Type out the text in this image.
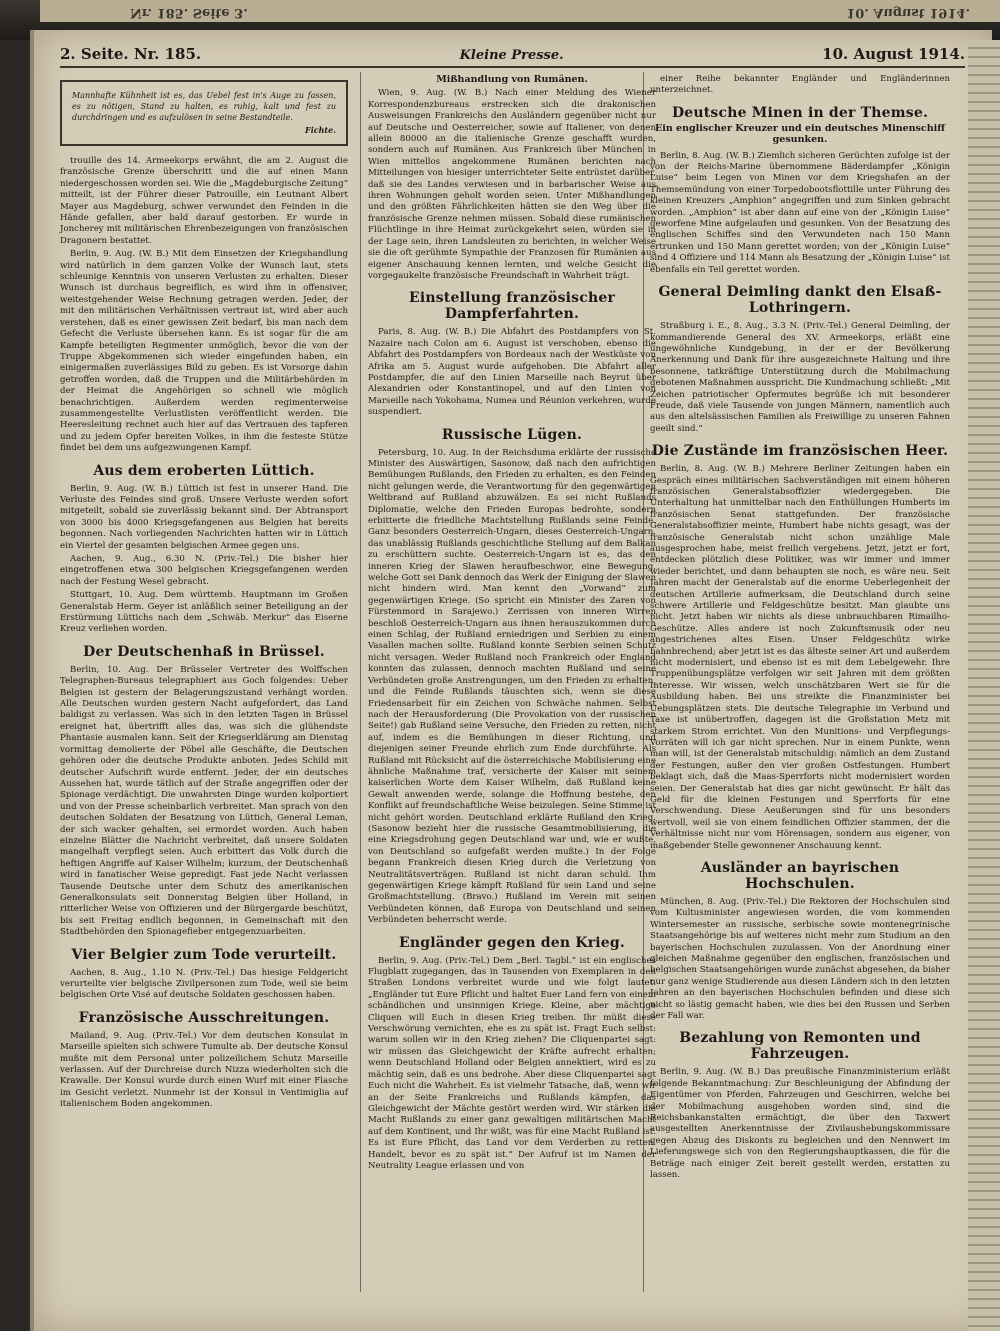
Nr. 185. Seite 3.	10. August 1914.
2. Seite. Nr. 185.	Kleine Presse.	10. August 1914.
Mannhafte Kühnheit ist es, das Uebel fest in's Auge zu fassen, es zu nötigen, Stand zu halten, es ruhig, kalt und fest zu durchdringen und es aufzulösen in seine Bestandteile.
Fichte.

trouille des 14. Armeekorps erwähnt, die am 2. August die französische Grenze überschritt und die auf einen Mann niedergeschossen worden sei. Wie die „Magdeburgische Zeitung“ mitteilt, ist der Führer dieser Patrouille, ein Leutnant Albert Mayer aus Magdeburg, schwer verwundet den Feinden in die Hände gefallen, aber bald darauf gestorben. Er wurde in Joncherey mit militärischen Ehrenbezeigungen von französischen Dragonern bestattet.

Berlin, 9. Aug. (W. B.) Mit dem Einsetzen der Kriegshandlung wird natürlich in dem ganzen Volke der Wunsch laut, stets schleunige Kenntnis von unseren Verlusten zu erhalten. Dieser Wunsch ist durchaus begreiflich, es wird ihm in offensiver, weitestgehender Weise Rechnung getragen werden. Jeder, der mit den militärischen Verhältnissen vertraut ist, wird aber auch verstehen, daß es einer gewissen Zeit bedarf, bis man nach dem Gefecht die Verluste übersehen kann. Es ist sogar für die am Kampfe beteiligten Regimenter unmöglich, bevor die von der Truppe Abgekommenen sich wieder eingefunden haben, ein einigermaßen zuverlässiges Bild zu geben. Es ist Vorsorge dahin getroffen worden, daß die Truppen und die Militärbehörden in der Heimat die Angehörigen so schnell wie möglich benachrichtigen. Außerdem werden regimenterweise zusammengestellte Verlustlisten veröffentlicht werden. Die Heeresleitung rechnet auch hier auf das Vertrauen des tapferen und zu jedem Opfer bereiten Volkes, in ihm die festeste Stütze findet bei dem uns aufgezwungenen Kampf.

Aus dem eroberten Lüttich.

Berlin, 9. Aug. (W. B.) Lüttich ist fest in unserer Hand. Die Verluste des Feindes sind groß. Unsere Verluste werden sofort mitgeteilt, sobald sie zuverlässig bekannt sind. Der Abtransport von 3000 bis 4000 Kriegsgefangenen aus Belgien hat bereits begonnen. Nach vorliegenden Nachrichten hatten wir in Lüttich ein Viertel der gesamten belgischen Armee gegen uns.

Aachen, 9. Aug., 6.30 N. (Priv.-Tel.) Die bisher hier eingetroffenen etwa 300 belgischen Kriegsgefangenen werden nach der Festung Wesel gebracht.

Stuttgart, 10. Aug. Dem württemb. Hauptmann im Großen Generalstab Herm. Geyer ist anläßlich seiner Beteiligung an der Erstürmung Lüttichs nach dem „Schwäb. Merkur“ das Eiserne Kreuz verliehen worden.

Der Deutschenhaß in Brüssel.

Berlin, 10. Aug. Der Brüsseler Vertreter des Wolffschen Telegraphen-Bureaus telegraphiert aus Goch folgendes: Ueber Belgien ist gestern der Belagerungszustand verhängt worden. Alle Deutschen wurden gestern Nacht aufgefordert, das Land baldigst zu verlassen. Was sich in den letzten Tagen in Brüssel ereignet hat, übertrifft alles das, was sich die glühendste Phantasie ausmalen kann. Seit der Kriegserklärung am Dienstag vormittag demolierte der Pöbel alle Geschäfte, die Deutschen gehören oder die deutsche Produkte anboten. Jedes Schild mit deutscher Aufschrift wurde entfernt. Jeder, der ein deutsches Aussehen hat, wurde tätlich auf der Straße angegriffen oder der Spionage verdächtigt. Die unwahrsten Dinge wurden kolportiert und von der Presse scheinbarlich verbreitet. Man sprach von den deutschen Soldaten der Besatzung von Lüttich, General Leman, der sich wacker gehalten, sei ermordet worden. Auch haben einzelne Blätter die Nachricht verbreitet, daß unsere Soldaten mangelhaft verpflegt seien. Auch erbittert das Volk durch die heftigen Angriffe auf Kaiser Wilhelm; kurzum, der Deutschenhaß wird in fanatischer Weise gepredigt. Fast jede Nacht verlassen Tausende Deutsche unter dem Schutz des amerikanischen Generalkonsulats seit Donnerstag Belgien über Holland, in ritterlicher Weise von Offizieren und der Bürgergarde beschützt, bis seit Freitag endlich begonnen, in Gemeinschaft mit den Stadtbehörden den Spionagefieber entgegenzuarbeiten.

Vier Belgier zum Tode verurteilt.

Aachen, 8. Aug., 1.10 N. (Priv.-Tel.) Das hiesige Feldgericht verurteilte vier belgische Zivilpersonen zum Tode, weil sie beim belgischen Orte Visé auf deutsche Soldaten geschossen haben.

Französische Ausschreitungen.

Mailand, 9. Aug. (Priv.-Tel.) Vor dem deutschen Konsulat in Marseille spielten sich schwere Tumulte ab. Der deutsche Konsul mußte mit dem Personal unter polizeilichem Schutz Marseille verlassen. Auf der Durchreise durch Nizza wiederholten sich die Krawalle. Der Konsul wurde durch einen Wurf mit einer Flasche im Gesicht verletzt. Nunmehr ist der Konsul in Ventimiglia auf italienischem Boden angekommen.

Mißhandlung von Rumänen.

Wien, 9. Aug. (W. B.) Nach einer Meldung des Wiener Korrespondenzbureaus erstrecken sich die drakonischen Ausweisungen Frankreichs den Ausländern gegenüber nicht nur auf Deutsche und Oesterreicher, sowie auf Italiener, von denen allein 80000 an die italienische Grenze geschafft wurden, sondern auch auf Rumänen. Aus Frankreich über München in Wien mittellos angekommene Rumänen berichten nach Mitteilungen von hiesiger unterrichteter Seite entrüstet darüber, daß sie des Landes verwiesen und in barbarischer Weise aus ihren Wohnungen geholt worden seien. Unter Mißhandlungen und den größten Fährlichkeiten hätten sie den Weg über die französische Grenze nehmen müssen. Sobald diese rumänischen Flüchtlinge in ihre Heimat zurückgekehrt seien, würden sie in der Lage sein, ihren Landsleuten zu berichten, in welcher Weise sie die oft gerühmte Sympathie der Franzosen für Rumänien aus eigener Anschauung kennen lernten, und welche Gesicht die vorgegaukelte französische Freundschaft in Wahrheit trägt.

Einstellung französischer Dampferfahrten.

Paris, 8. Aug. (W. B.) Die Abfahrt des Postdampfers von St. Nazaire nach Colon am 6. August ist verschoben, ebenso die Abfahrt des Postdampfers von Bordeaux nach der Westküste von Afrika am 5. August wurde aufgehoben. Die Abfahrt aller Postdampfer, die auf den Linien Marseille nach Beyrut über Alexandrien oder Konstantinopel, und auf den Linien von Marseille nach Yokohama, Numea und Réunion verkehren, wurde suspendiert.

Russische Lügen.

Petersburg, 10. Aug. In der Reichsduma erklärte der russische Minister des Auswärtigen, Sasonow, daß nach den aufrichtigen Bemühungen Rußlands, den Frieden zu erhalten, es den Feinden nicht gelungen werde, die Verantwortung für den gegenwärtigen Weltbrand auf Rußland abzuwälzen. Es sei nicht Rußlands Diplomatie, welche den Frieden Europas bedrohte, sondern erbitterte die friedliche Machtstellung Rußlands seine Feinde. Ganz besonders Oesterreich-Ungarn, dieses Oesterreich-Ungarn, das unablässig Rußlands geschichtliche Stellung auf dem Balkan zu erschüttern suchte. Oesterreich-Ungarn ist es, das den inneren Krieg der Slawen heraufbeschwor, eine Bewegung, welche Gott sei Dank dennoch das Werk der Einigung der Slawen nicht hindern wird. Man kennt den „Vorwand“ zum gegenwärtigen Kriege. (So spricht ein Minister des Zaren von Fürstenmord in Sarajewo.) Zerrissen von inneren Wirren beschloß Oesterreich-Ungarn aus ihnen herauszukommen durch einen Schlag, der Rußland erniedrigen und Serbien zu einem Vasallen machen sollte. Rußland konnte Serbien seinen Schutz nicht versagen. Weder Rußland noch Frankreich oder England konnten das zulassen, dennoch machten Rußland und seine Verbündeten große Anstrengungen, um den Frieden zu erhalten, und die Feinde Rußlands täuschten sich, wenn sie diese Friedensarbeit für ein Zeichen von Schwäche nahmen. Selbst nach der Herausforderung (Die Provokation von der russischen Seite!) gab Rußland seine Versuche, den Frieden zu retten, nicht auf, indem es die Bemühungen in dieser Richtung, und diejenigen seiner Freunde ehrlich zum Ende durchführte. Als Rußland mit Rücksicht auf die österreichische Mobilisierung eine ähnliche Maßnahme traf, versicherte der Kaiser mit seinem kaiserlichen Worte dem Kaiser Wilhelm, daß Rußland keine Gewalt anwenden werde, solange die Hoffnung bestehe, den Konflikt auf freundschaftliche Weise beizulegen. Seine Stimme ist nicht gehört worden. Deutschland erklärte Rußland den Krieg. (Sasonow bezieht hier die russische Gesamtmobilisierung, die eine Kriegsdrohung gegen Deutschland war und, wie er wußte, von Deutschland so aufgefaßt werden mußte.) In der Folge begann Frankreich diesen Krieg durch die Verletzung von Neutralitätsverträgen. Rußland ist nicht daran schuld. Ihm gegenwärtigen Kriege kämpft Rußland für sein Land und seine Großmachtstellung. (Bravo.) Rußland im Verein mit seinen Verbündeten können, daß Europa von Deutschland und seinen Verbündeten beherrscht werde.

Engländer gegen den Krieg.

Berlin, 9. Aug. (Priv.-Tel.) Dem „Berl. Tagbl.“ ist ein englisches Flugblatt zugegangen, das in Tausenden von Exemplaren in den Straßen Londons verbreitet wurde und wie folgt lautet: „Engländer tut Eure Pflicht und haltet Euer Land fern von einem schändlichen und unsinnigen Kriege. Kleine, aber mächtige Cliquen will Euch in diesen Krieg treiben. Ihr müßt diese Verschwörung vernichten, ehe es zu spät ist. Fragt Euch selbst: warum sollen wir in den Krieg ziehen? Die Cliquenpartei sagt: wir müssen das Gleichgewicht der Kräfte aufrecht erhalten; wenn Deutschland Holland oder Belgien annektiert, wird es zu mächtig sein, daß es uns bedrohe. Aber diese Cliquenpartei sagt Euch nicht die Wahrheit. Es ist vielmehr Tatsache, daß, wenn wir an der Seite Frankreichs und Rußlands kämpfen, das Gleichgewicht der Mächte gestört werden wird. Wir stärken die Macht Rußlands zu einer ganz gewaltigen militärischen Macht auf dem Kontinent, und Ihr wißt, was für eine Macht Rußland ist. Es ist Eure Pflicht, das Land vor dem Verderben zu retten. Handelt, bevor es zu spät ist.“ Der Aufruf ist im Namen der Neutrality League erlassen und von

einer Reihe bekannter Engländer und Engländerinnen unterzeichnet.

Deutsche Minen in der Themse.
Ein englischer Kreuzer und ein deutsches Minenschiff gesunken.

Berlin, 8. Aug. (W. B.) Ziemlich sicheren Gerüchten zufolge ist der von der Reichs-Marine übernommene Bäderdampfer „Königin Luise“ beim Legen von Minen vor dem Kriegshafen an der Themsemündung von einer Torpedobootsflottille unter Führung des kleinen Kreuzers „Amphion“ angegriffen und zum Sinken gebracht worden. „Amphion“ ist aber dann auf eine von der „Königin Luise“ geworfene Mine aufgelaufen und gesunken. Von der Besatzung des englischen Schiffes sind den Verwundeten nach 150 Mann ertrunken und 150 Mann gerettet worden; von der „Königin Luise“ sind 4 Offiziere und 114 Mann als Besatzung der „Königin Luise“ ist ebenfalls ein Teil gerettet worden.

General Deimling dankt den Elsaß-Lothringern.

Straßburg i. E., 8. Aug., 3.3 N. (Priv.-Tel.) General Deimling, der kommandierende General des XV. Armeekorps, erläßt eine ungewöhnliche Kundgebung, in der er der Bevölkerung Anerkennung und Dank für ihre ausgezeichnete Haltung und ihre besonnene, tatkräftige Unterstützung durch die Mobilmachung gebotenen Maßnahmen ausspricht. Die Kundmachung schließt: „Mit Zeichen patriotischer Opfermutes begrüße ich mit besonderer Freude, daß viele Tausende von jungen Männern, namentlich auch aus den altelsässischen Familien als Freiwillige zu unseren Fahnen geeilt sind.“

Die Zustände im französischen Heer.

Berlin, 8. Aug. (W. B.) Mehrere Berliner Zeitungen haben ein Gespräch eines militärischen Sachverständigen mit einem höheren französischen Generalstabsoffizier wiedergegeben. Die Unterhaltung hat unmittelbar nach den Enthüllungen Humberts im französischen Senat stattgefunden. Der französische Generalstabsoffizier meinte, Humbert habe nichts gesagt, was der französische Generalstab nicht schon unzählige Male ausgesprochen habe, meist freilich vergebens. Jetzt, jetzt er fort, entdecken plötzlich diese Politiker, was wir immer und immer wieder berichtet, und dann behaupten sie noch, es wäre neu. Seit Jahren macht der Generalstab auf die enorme Ueberlegenheit der deutschen Artillerie aufmerksam, die Deutschland durch seine schwere Artillerie und Feldgeschütze besitzt. Man glaubte uns nicht. Jetzt haben wir nichts als diese unbrauchbaren Rimailho-Geschütze. Alles andere ist noch Zukunftsmusik oder neu angestrichenes altes Eisen. Unser Feldgeschütz wirke bahnbrechend; aber jetzt ist es das älteste seiner Art und außerdem nicht modernisiert, und ebenso ist es mit dem Lebelgewehr. Ihre Truppenübungsplätze verfolgen wir seit Jahren mit dem größten Interesse. Wir wissen, welch unschätzbaren Wert sie für die Ausbildung haben. Bei uns streikte die Finanzminister bei Uebungsplätzen stets. Die deutsche Telegraphie im Verbund und Taxe ist unübertroffen, dagegen ist die Großstation Metz mit starkem Strom errichtet. Von den Munitions- und Verpflegungs-Vorräten will ich gar nicht sprechen. Nur in einem Punkte, wenn man will, ist der Generalstab mitschuldig: nämlich an dem Zustand der Festungen, außer den vier großen Ostfestungen. Humbert beklagt sich, daß die Maas-Sperrforts nicht modernisiert worden seien. Der Generalstab hat dies gar nicht gewünscht. Er hält das Geld für die kleinen Festungen und Sperrforts für eine Verschwendung. Diese Aeußerungen sind für uns besonders wertvoll, weil sie von einem feindlichen Offizier stammen, der die Verhältnisse nicht nur vom Hörensagen, sondern aus eigener, von maßgebender Stelle gewonnener Anschauung kennt.

Ausländer an bayrischen Hochschulen.

München, 8. Aug. (Priv.-Tel.) Die Rektoren der Hochschulen sind vom Kultusminister angewiesen worden, die vom kommenden Wintersemester an russische, serbische sowie montenegrinische Staatsangehörige bis auf weiteres nicht mehr zum Studium an den bayerischen Hochschulen zuzulassen. Von der Anordnung einer gleichen Maßnahme gegenüber den englischen, französischen und belgischen Staatsangehörigen wurde zunächst abgesehen, da bisher nur ganz wenige Studierende aus diesen Ländern sich in den letzten Jahren an den bayerischen Hochschulen befinden und diese sich nicht so lästig gemacht haben, wie dies bei den Russen und Serben der Fall war.

Bezahlung von Remonten und Fahrzeugen.

Berlin, 9. Aug. (W. B.) Das preußische Finanzministerium erläßt folgende Bekanntmachung: Zur Beschleunigung der Abfindung der Eigentümer von Pferden, Fahrzeugen und Geschirren, welche bei der Mobilmachung ausgehoben worden sind, sind die Reichsbankanstalten ermächtigt, die über den Taxwert ausgestellten Anerkenntnisse der Zivilaushebungskommissare gegen Abzug des Diskonts zu begleichen und den Nennwert im Lieferungswege sich von den Regierungshauptkassen, die für die Beträge nach einiger Zeit bereit gestellt werden, erstatten zu lassen.
